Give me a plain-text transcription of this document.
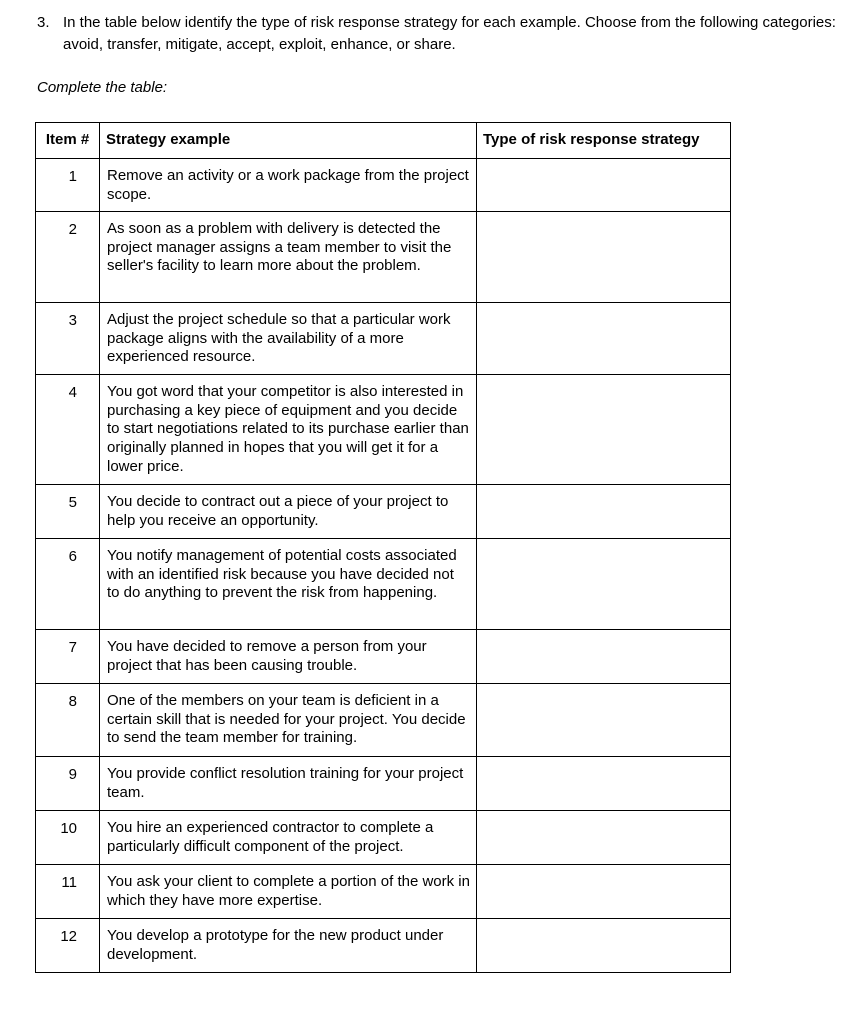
3. In the table below identify the type of risk response strategy for each example. Choose from the following categories: avoid, transfer, mitigate, accept, exploit, enhance, or share.
Complete the table:
Item #	Strategy example	Type of risk response strategy
1	Remove an activity or a work package from the project scope.	
2	As soon as a problem with delivery is detected the project manager assigns a team member to visit the seller's facility to learn more about the problem.	
3	Adjust the project schedule so that a particular work package aligns with the availability of a more experienced resource.	
4	You got word that your competitor is also interested in purchasing a key piece of equipment and you decide to start negotiations related to its purchase earlier than originally planned in hopes that you will get it for a lower price.	
5	You decide to contract out a piece of your project to help you receive an opportunity.	
6	You notify management of potential costs associated with an identified risk because you have decided not to do anything to prevent the risk from happening.	
7	You have decided to remove a person from your project that has been causing trouble.	
8	One of the members on your team is deficient in a certain skill that is needed for your project. You decide to send the team member for training.	
9	You provide conflict resolution training for your project team.	
10	You hire an experienced contractor to complete a particularly difficult component of the project.	
11	You ask your client to complete a portion of the work in which they have more expertise.	
12	You develop a prototype for the new product under development.	
